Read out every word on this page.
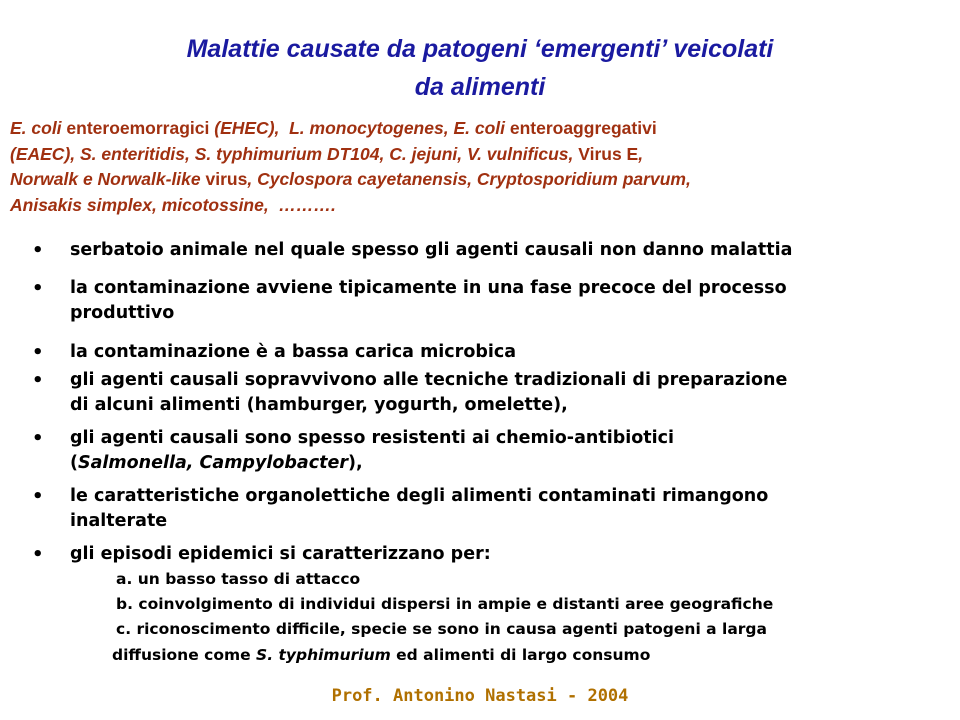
Malattie causate da patogeni ‘emergenti’ veicolati
da alimenti
E. coli enteroemorragici (EHEC),  L. monocytogenes, E. coli enteroaggregativi
(EAEC), S. enteritidis, S. typhimurium DT104, C. jejuni, V. vulnificus, Virus E,
Norwalk e Norwalk-like virus, Cyclospora cayetanensis, Cryptosporidium parvum,
Anisakis simplex, micotossine,  ……….
• serbatoio animale nel quale spesso gli agenti causali non danno malattia
• la contaminazione avviene tipicamente in una fase precoce del processo
produttivo
• la contaminazione è a bassa carica microbica
• gli agenti causali sopravvivono alle tecniche tradizionali di preparazione
di alcuni alimenti (hamburger, yogurth, omelette),
• gli agenti causali sono spesso resistenti ai chemio-antibiotici
(Salmonella, Campylobacter),
• le caratteristiche organolettiche degli alimenti contaminati rimangono
inalterate
• gli episodi epidemici si caratterizzano per:
a. un basso tasso di attacco
b. coinvolgimento di individui dispersi in ampie e distanti aree geografiche
c. riconoscimento difficile, specie se sono in causa agenti patogeni a larga
diffusione come S. typhimurium ed alimenti di largo consumo
Prof. Antonino Nastasi - 2004
